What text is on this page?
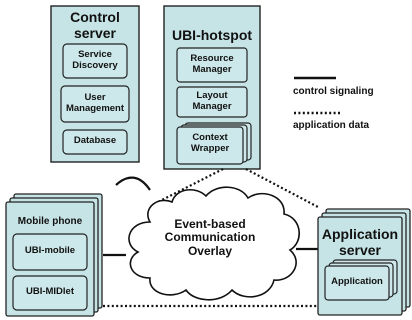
Control
server
Service
Discovery
User
Management
Database
UBI-hotspot
Resource
Manager
Layout
Manager
Context
Wrapper
control signaling
application data
Event-based
Communication
Overlay
Mobile phone
UBI-mobile
UBI-MIDlet
Application
server
Application
